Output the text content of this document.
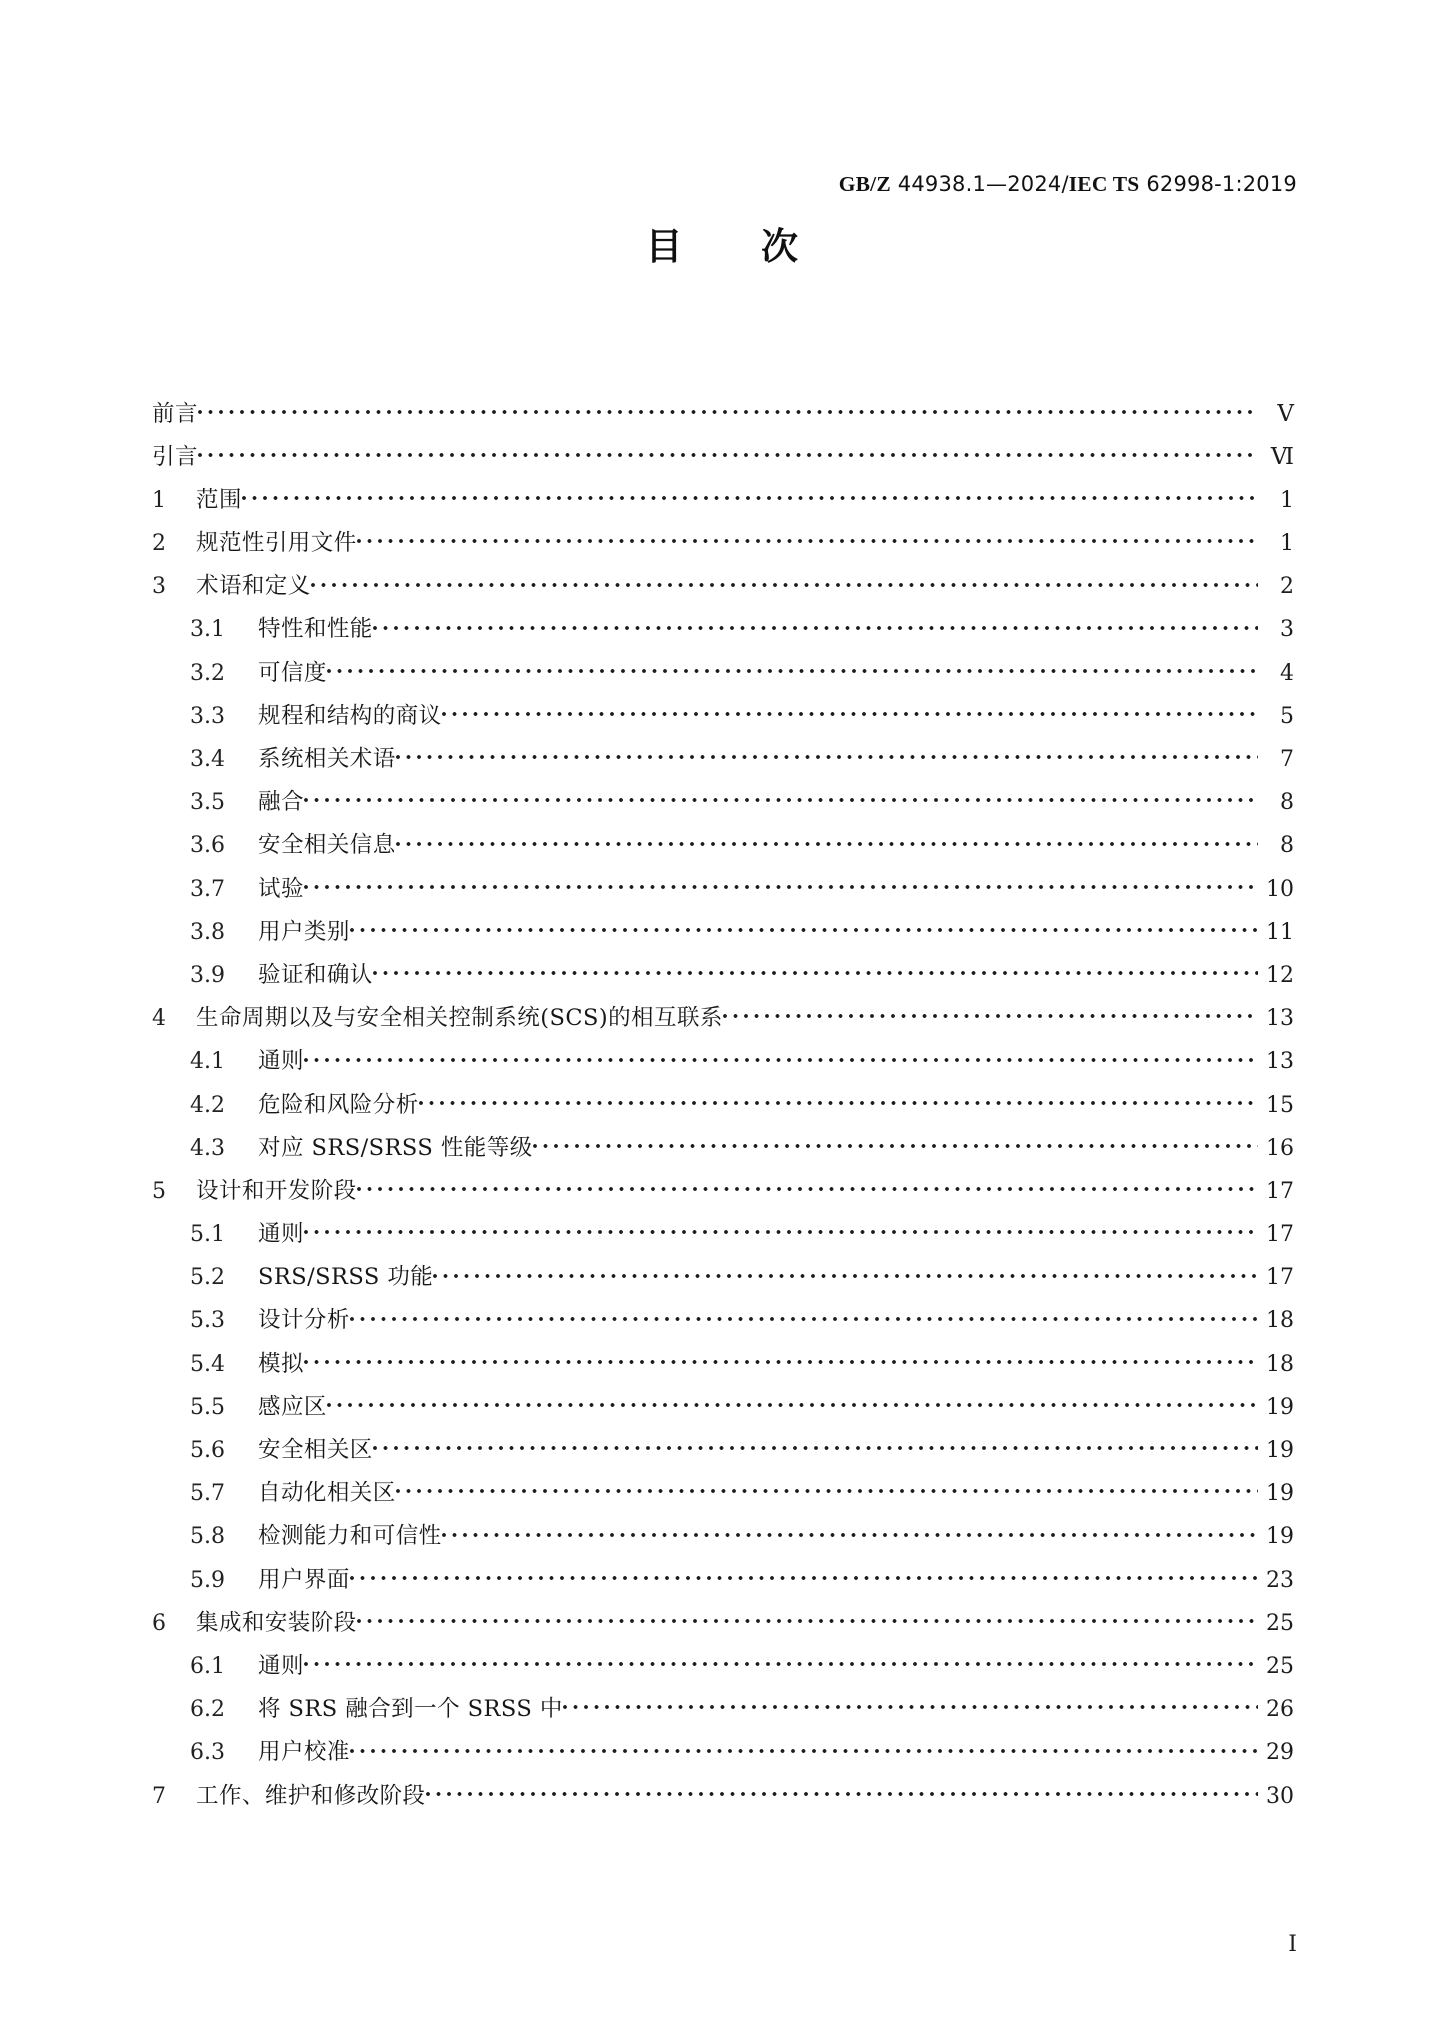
GB/Z 44938.1—2024/IEC TS 62998-1:2019
目　　次
前言	Ⅴ
引言	Ⅵ
1	范围	1
2	规范性引用文件	1
3	术语和定义	2
3.1	特性和性能	3
3.2	可信度	4
3.3	规程和结构的商议	5
3.4	系统相关术语	7
3.5	融合	8
3.6	安全相关信息	8
3.7	试验	10
3.8	用户类别	11
3.9	验证和确认	12
4	生命周期以及与安全相关控制系统(SCS)的相互联系	13
4.1	通则	13
4.2	危险和风险分析	15
4.3	对应 SRS/SRSS 性能等级	16
5	设计和开发阶段	17
5.1	通则	17
5.2	SRS/SRSS 功能	17
5.3	设计分析	18
5.4	模拟	18
5.5	感应区	19
5.6	安全相关区	19
5.7	自动化相关区	19
5.8	检测能力和可信性	19
5.9	用户界面	23
6	集成和安装阶段	25
6.1	通则	25
6.2	将 SRS 融合到一个 SRSS 中	26
6.3	用户校准	29
7	工作、维护和修改阶段	30
I
